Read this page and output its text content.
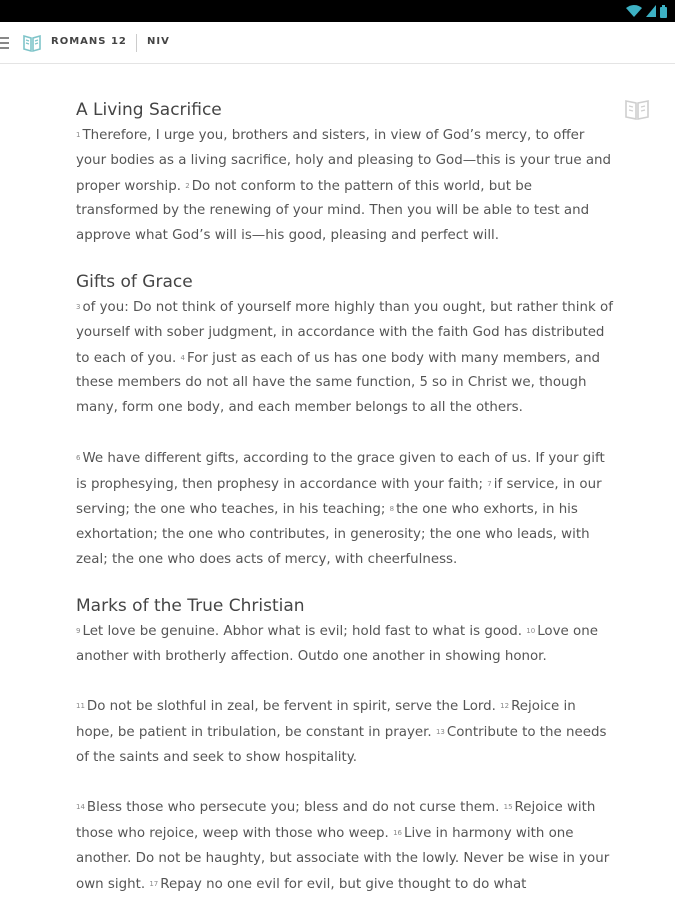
ROMANS 12 NIV
A Living Sacrifice
1 Therefore, I urge you, brothers and sisters, in view of God’s mercy, to offer your bodies as a living sacrifice, holy and pleasing to God—this is your true and proper worship. 2 Do not conform to the pattern of this world, but be transformed by the renewing of your mind. Then you will be able to test and approve what God’s will is—his good, pleasing and perfect will.
Gifts of Grace
3 of you: Do not think of yourself more highly than you ought, but rather think of yourself with sober judgment, in accordance with the faith God has distributed to each of you. 4 For just as each of us has one body with many members, and these members do not all have the same function, 5 so in Christ we, though many, form one body, and each member belongs to all the others.
6 We have different gifts, according to the grace given to each of us. If your gift is prophesying, then prophesy in accordance with your faith; 7 if service, in our serving; the one who teaches, in his teaching; 8 the one who exhorts, in his exhortation; the one who contributes, in generosity; the one who leads, with zeal; the one who does acts of mercy, with cheerfulness.
Marks of the True Christian
9 Let love be genuine. Abhor what is evil; hold fast to what is good. 10 Love one another with brotherly affection. Outdo one another in showing honor.
11 Do not be slothful in zeal, be fervent in spirit, serve the Lord. 12 Rejoice in hope, be patient in tribulation, be constant in prayer. 13 Contribute to the needs of the saints and seek to show hospitality.
14 Bless those who persecute you; bless and do not curse them. 15 Rejoice with those who rejoice, weep with those who weep. 16 Live in harmony with one another. Do not be haughty, but associate with the lowly. Never be wise in your own sight. 17 Repay no one evil for evil, but give thought to do what
